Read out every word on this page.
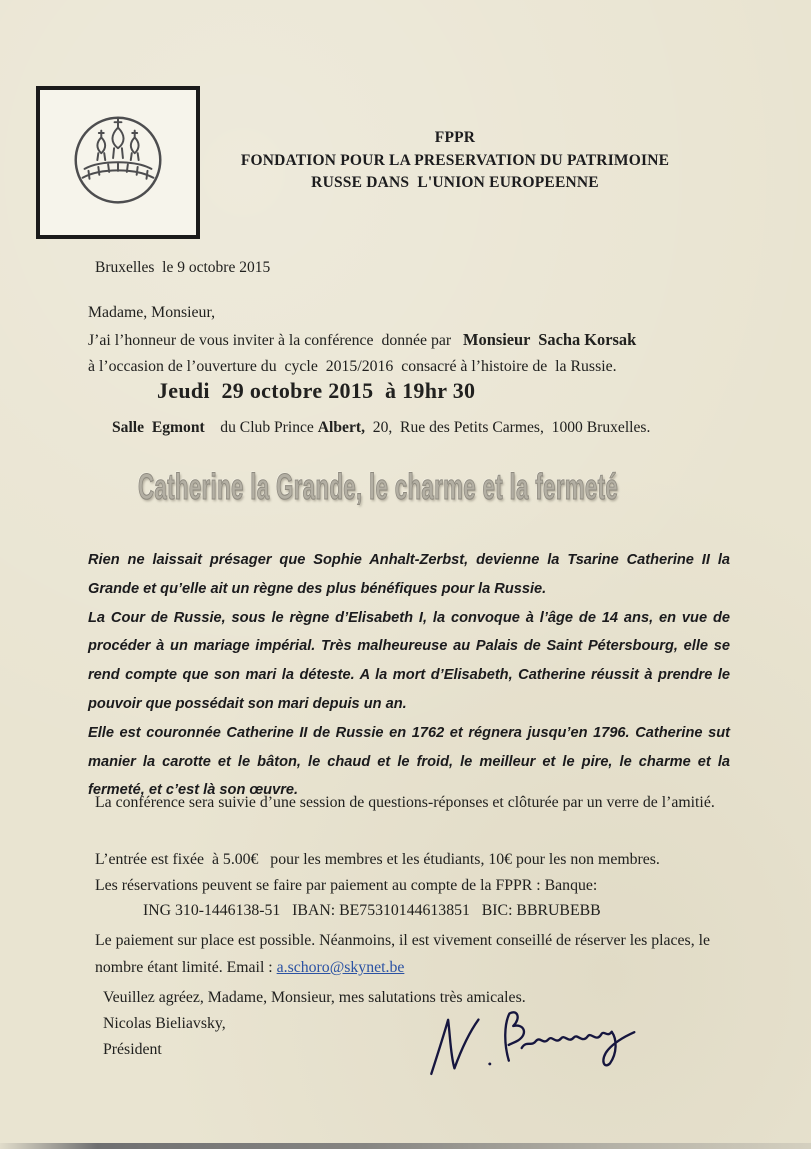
FPPR
FONDATION POUR LA PRESERVATION DU PATRIMOINE
RUSSE DANS  L'UNION EUROPEENNE
Bruxelles  le 9 octobre 2015
Madame, Monsieur,
J’ai l’honneur de vous inviter à la conférence  donnée par   Monsieur  Sacha Korsak
à l’occasion de l’ouverture du  cycle  2015/2016  consacré à l’histoire de  la Russie.
Jeudi  29 octobre 2015  à 19hr 30
Salle  Egmont    du Club Prince Albert,  20,  Rue des Petits Carmes,  1000 Bruxelles.
Catherine la Grande, le charme et la fermeté

Rien ne laissait présager que Sophie Anhalt-Zerbst, devienne la Tsarine Catherine II la Grande et qu’elle ait un règne des plus bénéfiques pour la Russie.

La Cour de Russie, sous le règne d’Elisabeth I, la convoque à l’âge de 14 ans, en vue de procéder à un mariage impérial. Très malheureuse au Palais de Saint Pétersbourg, elle se rend compte que son mari la déteste. A la mort d’Elisabeth, Catherine réussit à prendre le pouvoir que possédait son mari depuis un an.

Elle est couronnée Catherine II de Russie en 1762 et régnera jusqu’en 1796. Catherine sut manier la carotte et le bâton, le chaud et le froid, le meilleur et le pire, le charme et la fermeté, et c’est là son œuvre.

La conférence sera suivie d’une session de questions-réponses et clôturée par un verre de l’amitié.
L’entrée est fixée  à 5.00€   pour les membres et les étudiants, 10€ pour les non membres.
Les réservations peuvent se faire par paiement au compte de la FPPR : Banque:
ING 310-1446138-51   IBAN: BE75310144613851   BIC: BBRUBEBB
Le paiement sur place est possible. Néanmoins, il est vivement conseillé de réserver les places, le nombre étant limité. Email : a.schoro@skynet.be
Veuillez agréez, Madame, Monsieur, mes salutations très amicales.
Nicolas Bieliavsky,
Président
